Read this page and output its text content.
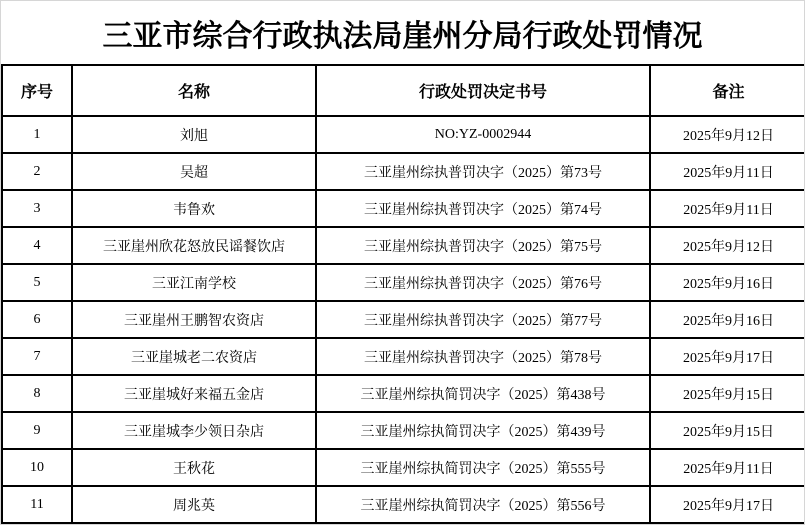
三亚市综合行政执法局崖州分局行政处罚情况
序号	名称	行政处罚决定书号	备注
1	刘旭	NO:YZ-0002944	2025年9月12日
2	吴超	三亚崖州综执普罚决字（2025）第73号	2025年9月11日
3	韦鲁欢	三亚崖州综执普罚决字（2025）第74号	2025年9月11日
4	三亚崖州欣花怒放民谣餐饮店	三亚崖州综执普罚决字（2025）第75号	2025年9月12日
5	三亚江南学校	三亚崖州综执普罚决字（2025）第76号	2025年9月16日
6	三亚崖州王鹏智农资店	三亚崖州综执普罚决字（2025）第77号	2025年9月16日
7	三亚崖城老二农资店	三亚崖州综执普罚决字（2025）第78号	2025年9月17日
8	三亚崖城好来福五金店	三亚崖州综执简罚决字（2025）第438号	2025年9月15日
9	三亚崖城李少领日杂店	三亚崖州综执简罚决字（2025）第439号	2025年9月15日
10	王秋花	三亚崖州综执简罚决字（2025）第555号	2025年9月11日
11	周兆英	三亚崖州综执简罚决字（2025）第556号	2025年9月17日
